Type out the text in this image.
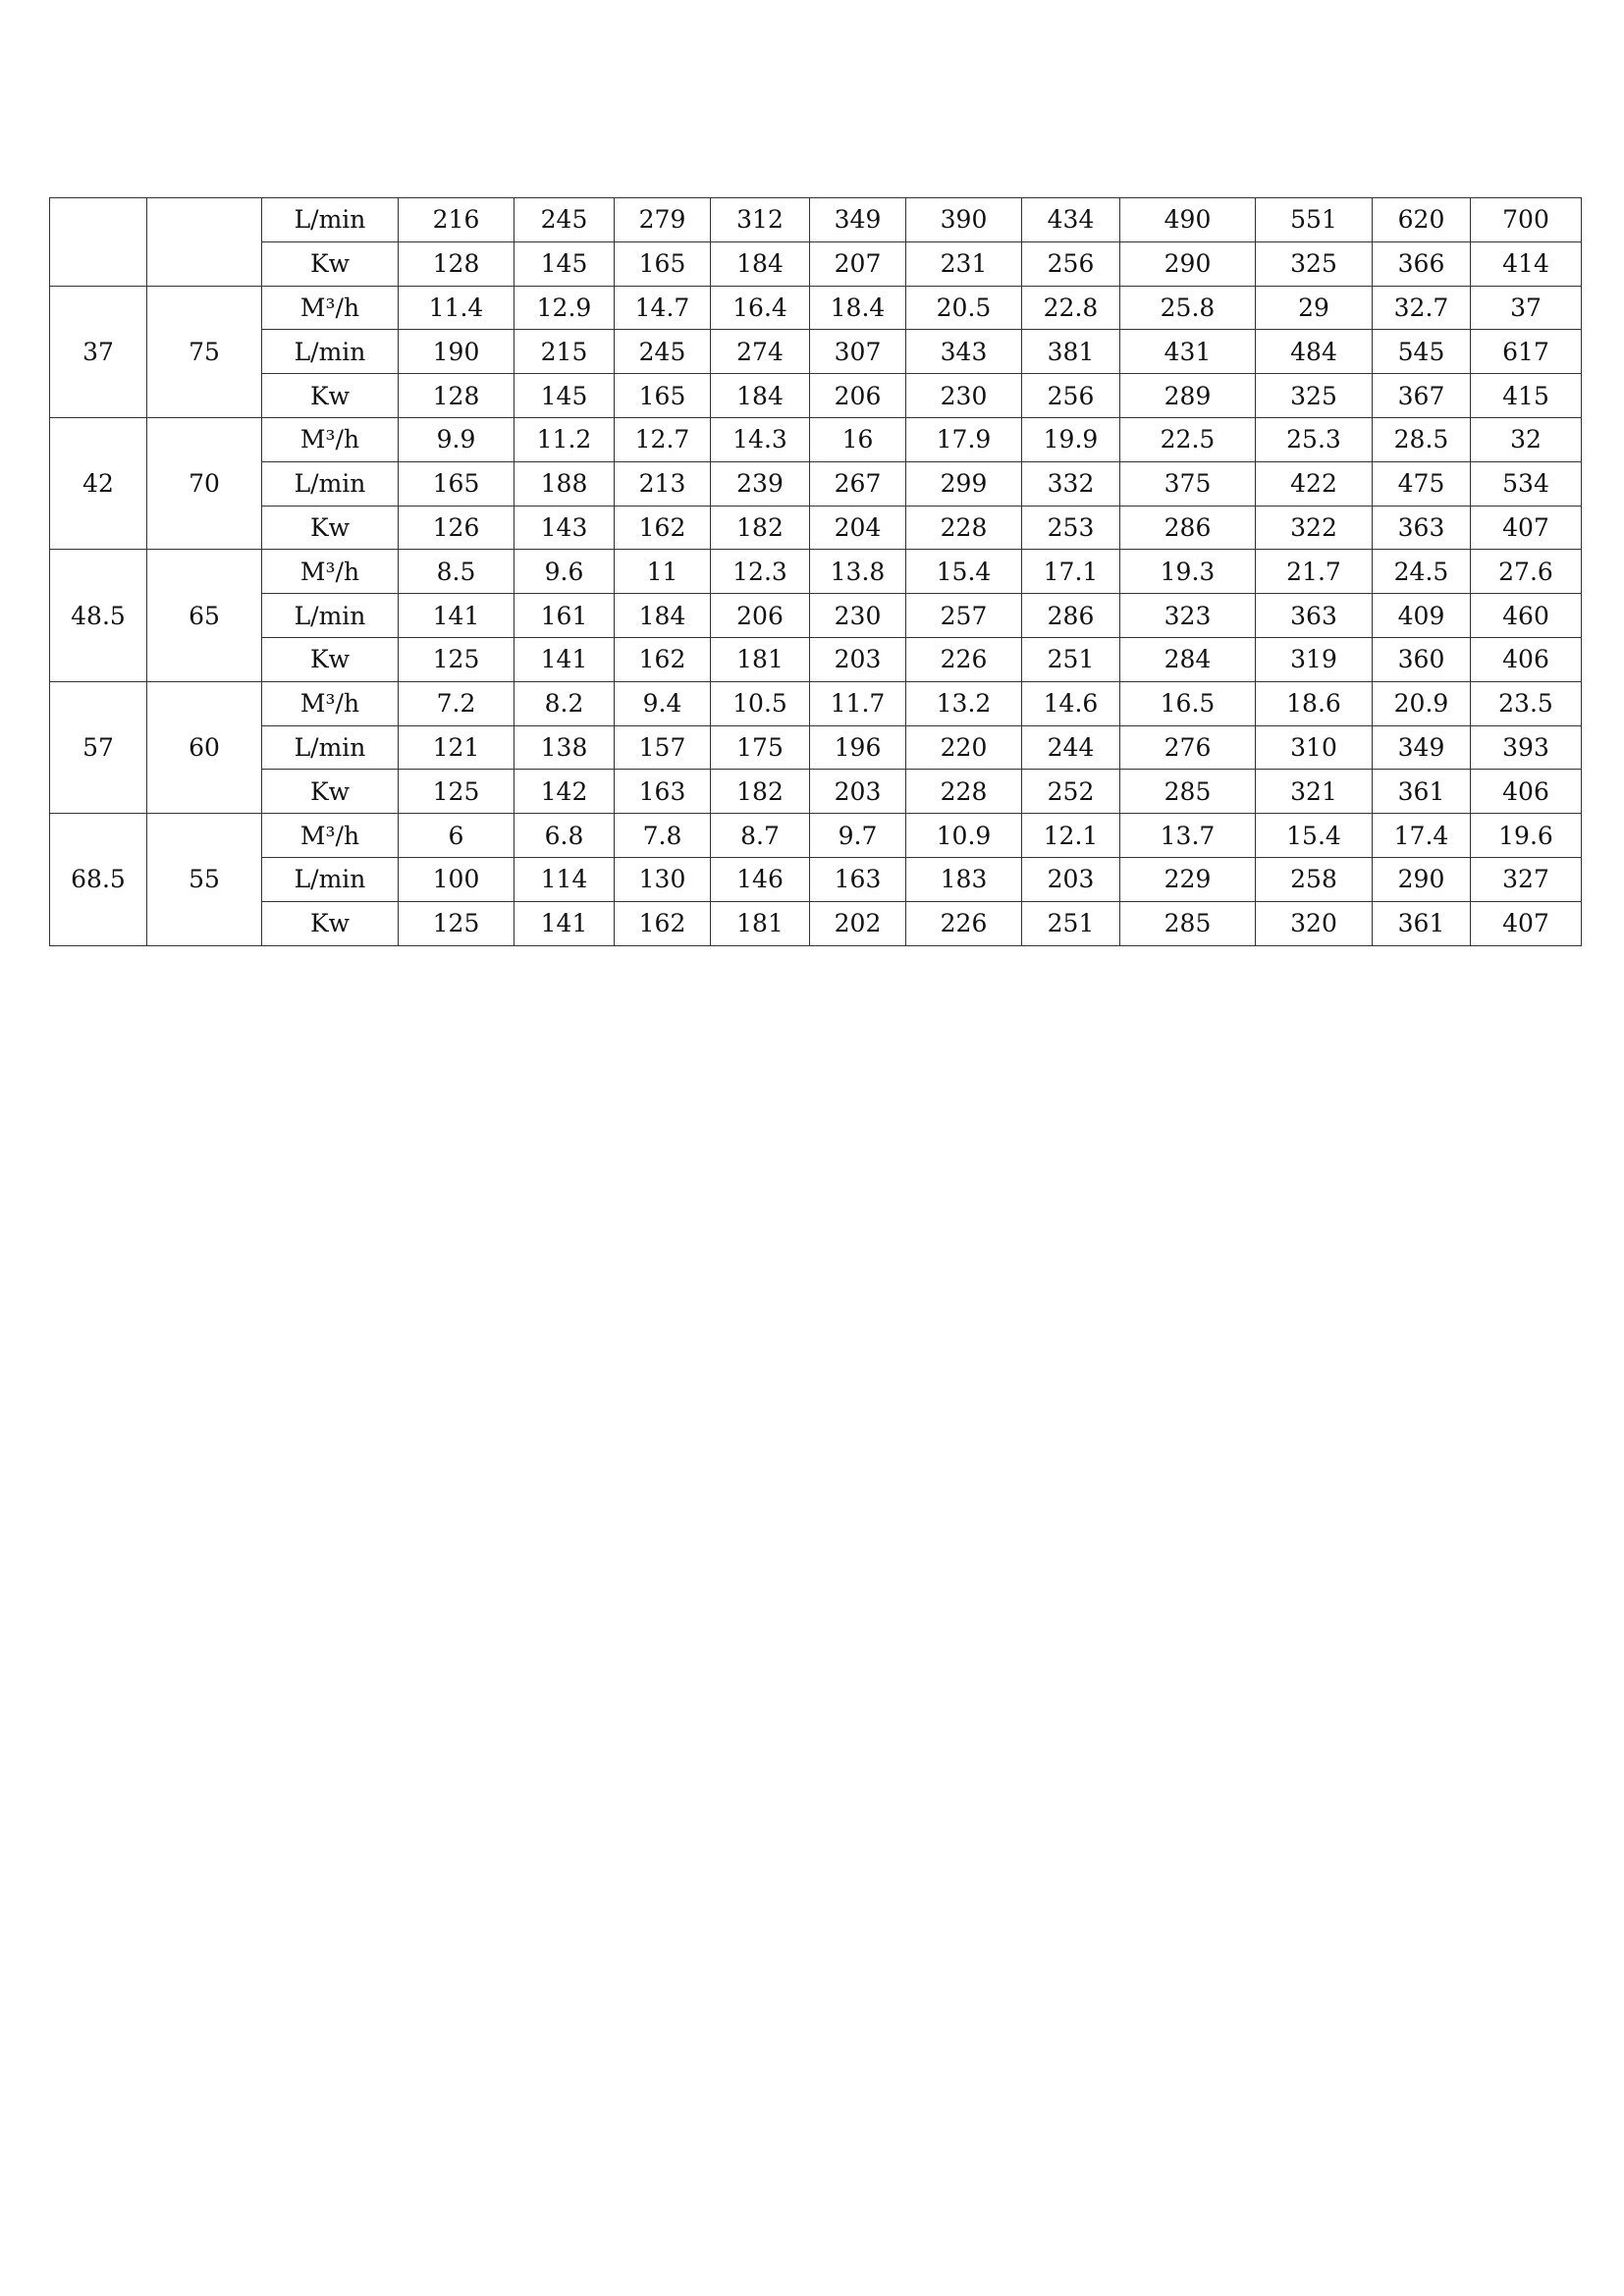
		L/min	216	245	279	312	349	390	434	490	551	620	700
		Kw	128	145	165	184	207	231	256	290	325	366	414
37	75	M³/h	11.4	12.9	14.7	16.4	18.4	20.5	22.8	25.8	29	32.7	37
		L/min	190	215	245	274	307	343	381	431	484	545	617
		Kw	128	145	165	184	206	230	256	289	325	367	415
42	70	M³/h	9.9	11.2	12.7	14.3	16	17.9	19.9	22.5	25.3	28.5	32
		L/min	165	188	213	239	267	299	332	375	422	475	534
		Kw	126	143	162	182	204	228	253	286	322	363	407
48.5	65	M³/h	8.5	9.6	11	12.3	13.8	15.4	17.1	19.3	21.7	24.5	27.6
		L/min	141	161	184	206	230	257	286	323	363	409	460
		Kw	125	141	162	181	203	226	251	284	319	360	406
57	60	M³/h	7.2	8.2	9.4	10.5	11.7	13.2	14.6	16.5	18.6	20.9	23.5
		L/min	121	138	157	175	196	220	244	276	310	349	393
		Kw	125	142	163	182	203	228	252	285	321	361	406
68.5	55	M³/h	6	6.8	7.8	8.7	9.7	10.9	12.1	13.7	15.4	17.4	19.6
		L/min	100	114	130	146	163	183	203	229	258	290	327
		Kw	125	141	162	181	202	226	251	285	320	361	407
